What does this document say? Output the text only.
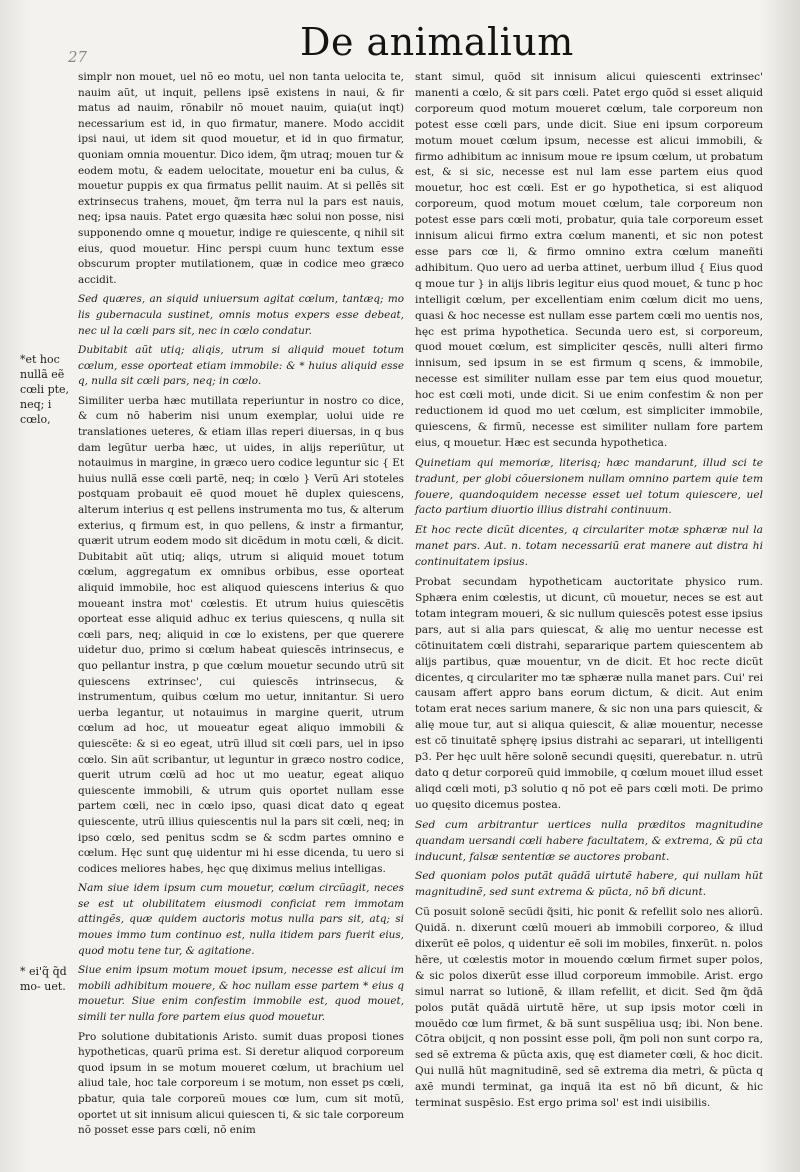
27	De animalium
*et hoc nullã eẽ cœli pte, neq; i cœlo,
* ei'q̃ q̃d mo- uet.

simplr non mouet, uel nõ eo motu, uel non tanta uelocita te, nauim aũt, ut inquit, pellens ipsẽ existens in naui, & fir matus ad nauim, rõnabilr nõ mouet nauim, quia(ut inqt) necessarium est id, in quo firmatur, manere. Modo accidit ipsi naui, ut idem sit quod mouetur, et id in quo firmatur, quoniam omnia mouentur. Dico idem, q̃m utraq; mouen tur & eodem motu, & eadem uelocitate, mouetur eni ba culus, & mouetur puppis ex qua firmatus pellit nauim. At si pellẽs sit extrinsecus trahens, mouet, q̃m terra nul la pars est nauis, neq; ipsa nauis. Patet ergo quæsita hæc solui non posse, nisi supponendo omne q mouetur, indige re quiescente, q nihil sit eius, quod mouetur. Hinc perspi cuum hunc textum esse obscurum propter mutilationem, quæ in codice meo græco accidit.

Sed quæres, an siquid uniuersum agitat cœlum, tantæq; mo lis gubernacula sustinet, omnis motus expers esse debeat, nec ul la cœli pars sit, nec in cœlo condatur.

Dubitabit aũt utiq; aliqis, utrum si aliquid mouet totum cœlum, esse oporteat etiam immobile: & * huius aliquid esse q, nulla sit cœli pars, neq; in cœlo.

Similiter uerba hæc mutillata reperiuntur in nostro co dice, & cum nõ haberim nisi unum exemplar, uolui uide re translationes ueteres, & etiam illas reperi diuersas, in q bus dam legũtur uerba hæc, ut uides, in alijs reperiũtur, ut notauimus in margine, in græco uero codice leguntur sic { Et huius nullã esse cœli partẽ, neq; in cœlo } Verũ Ari stoteles postquam probauit eẽ quod mouet hẽ duplex quiescens, alterum interius q est pellens instrumenta mo tus, & alterum exterius, q firmum est, in quo pellens, & instr a firmantur, quærit utrum eodem modo sit dicẽdum in motu cœli, & dicit. Dubitabit aũt utiq; aliqs, utrum si aliquid mouet totum cœlum, aggregatum ex omnibus orbibus, esse oporteat aliquid immobile, hoc est aliquod quiescens interius & quo moueant instra mot' cœlestis. Et utrum huius quiescẽtis oporteat esse aliquid adhuc ex terius quiescens, q nulla sit cœli pars, neq; aliquid in cœ lo existens, per que querere uidetur duo, primo si cœlum habeat quiescẽs intrinsecus, e quo pellantur instra, p que cœlum mouetur secundo utrũ sit quiescens extrinsec', cui quiescẽs intrinsecus, & instrumentum, quibus cœlum mo uetur, innitantur. Si uero uerba legantur, ut notauimus in margine querit, utrum cœlum ad hoc, ut moueatur egeat aliquo immobili & quiescẽte: & si eo egeat, utrũ illud sit cœli pars, uel in ipso cœlo. Sin aũt scribantur, ut leguntur in græco nostro codice, querit utrum cœlũ ad hoc ut mo ueatur, egeat aliquo quiescente immobili, & utrum quis oportet nullam esse partem cœli, nec in cœlo ipso, quasi dicat dato q egeat quiescente, utrũ illius quiescentis nul la pars sit cœli, neq; in ipso cœlo, sed penitus scdm se & scdm partes omnino e cœlum. Hęc sunt quę uidentur mi hi esse dicenda, tu uero si codices meliores habes, hęc quę diximus melius intelligas.

Nam siue idem ipsum cum mouetur, cœlum circũagit, neces se est ut olubilitatem eiusmodi conficiat rem immotam attingẽs, quæ quidem auctoris motus nulla pars sit, atq; si moues immo tum continuo est, nulla itidem pars fuerit eius, quod motu tene tur, & agitatione.

Siue enim ipsum motum mouet ipsum, necesse est alicui im mobili adhibitum mouere, & hoc nullam esse partem * eius q mouetur. Siue enim confestim immobile est, quod mouet, simili ter nulla fore partem eius quod mouetur.

Pro solutione dubitationis Aristo. sumit duas proposi tiones hypotheticas, quarũ prima est. Si deretur aliquod corporeum quod ipsum in se motum moueret cœlum, ut brachium uel aliud tale, hoc tale corporeum i se motum, non esset ps cœli, pbatur, quia tale corporeũ moues cœ lum, cum sit motũ, oportet ut sit innisum alicui quiescen ti, & sic tale corporeum nõ posset esse pars cœli, nõ enim

stant simul, quõd sit innisum alicui quiescenti extrinsec' manenti a cœlo, & sit pars cœli. Patet ergo quõd si esset aliquid corporeum quod motum moueret cœlum, tale corporeum non potest esse cœli pars, unde dicit. Siue eni ipsum corporeum motum mouet cœlum ipsum, necesse est alicui immobili, & firmo adhibitum ac innisum moue re ipsum cœlum, ut probatum est, & si sic, necesse est nul lam esse partem eius quod mouetur, hoc est cœli. Est er go hypothetica, si est aliquod corporeum, quod motum mouet cœlum, tale corporeum non potest esse pars cœli moti, probatur, quia tale corporeum esset innisum alicui firmo extra cœlum manenti, et sic non potest esse pars cœ li, & firmo omnino extra cœlum maneñti adhibitum. Quo uero ad uerba attinet, uerbum illud { Eius quod q moue tur } in alijs libris legitur eius quod mouet, & tunc p hoc intelligit cœlum, per excellentiam enim cœlum dicit mo uens, quasi & hoc necesse est nullam esse partem cœli mo uentis nos, hęc est prima hypothetica. Secunda uero est, si corporeum, quod mouet cœlum, est simpliciter qescẽs, nulli alteri firmo innisum, sed ipsum in se est firmum q scens, & immobile, necesse est similiter nullam esse par tem eius quod mouetur, hoc est cœli moti, unde dicit. Si ue enim confestim & non per reductionem id quod mo uet cœlum, est simpliciter immobile, quiescens, & firmũ, necesse est similiter nullam fore partem eius, q mouetur. Hæc est secunda hypothetica.

Quinetiam qui memoriæ, literisq; hæc mandarunt, illud sci te tradunt, per globi cõuersionem nullam omnino partem quie tem fouere, quandoquidem necesse esset uel totum quiescere, uel facto partium diuortio illius distrahi continuum.

Et hoc recte dicũt dicentes, q circulariter motæ sphæræ nul la manet pars. Aut. n. totam necessariũ erat manere aut distra hi continuitatem ipsius.

Probat secundam hypotheticam auctoritate physico rum. Sphæra enim cœlestis, ut dicunt, cũ mouetur, neces se est aut totam integram moueri, & sic nullum quiescẽs potest esse ipsius pars, aut si alia pars quiescat, & alię mo uentur necesse est cõtinuitatem cœli distrahi, separarique partem quiescentem ab alijs partibus, quæ mouentur, vn de dicit. Et hoc recte dicũt dicentes, q circulariter mo tæ sphæræ nulla manet pars. Cui' rei causam affert appro bans eorum dictum, & dicit. Aut enim totam erat neces sarium manere, & sic non una pars quiescit, & alię moue tur, aut si aliqua quiescit, & aliæ mouentur, necesse est cõ tinuitatẽ sphęrę ipsius distrahi ac separari, ut intelligenti p3. Per hęc uult hẽre solonẽ secundi quęsiti, querebatur. n. utrũ dato q detur corporeũ quid immobile, q cœlum mouet illud esset aliqd cœli moti, p3 solutio q nõ pot eẽ pars cœli moti. De primo uo quęsito dicemus postea.

Sed cum arbitrantur uertices nulla præditos magnitudine quandam uersandi cœli habere facultatem, & extrema, & pũ cta inducunt, falsæ sententiæ se auctores probant.

Sed quoniam polos putãt quãdã uirtutẽ habere, qui nullam hũt magnitudinẽ, sed sunt extrema & pũcta, nõ bñ dicunt.

Cũ posuit solonẽ secũdi q̃siti, hic ponit & refellit solo nes aliorũ. Quidã. n. dixerunt cœlũ moueri ab immobili corporeo, & illud dixerũt eẽ polos, q uidentur eẽ soli im mobiles, finxerũt. n. polos hẽre, ut cœlestis motor in mouendo cœlum firmet super polos, & sic polos dixerũt esse illud corporeum immobile. Arist. ergo simul narrat so lutionẽ, & illam refellit, et dicit. Sed q̃m q̃dã polos putãt quãdã uirtutẽ hẽre, ut sup ipsis motor cœli in mouẽdo cœ lum firmet, & bã sunt suspẽliua usq; ibi. Non bene. Cõtra obijcit, q non possint esse poli, q̃m poli non sunt corpo ra, sed sẽ extrema & pũcta axis, quę est diameter cœli, & hoc dicit. Qui nullã hũt magnitudinẽ, sed sẽ extrema dia metri, & pũcta q axẽ mundi terminat, ga inquã ita est nõ bñ dicunt, & hic terminat suspẽsio. Est ergo prima sol' est indi uisibilis.
